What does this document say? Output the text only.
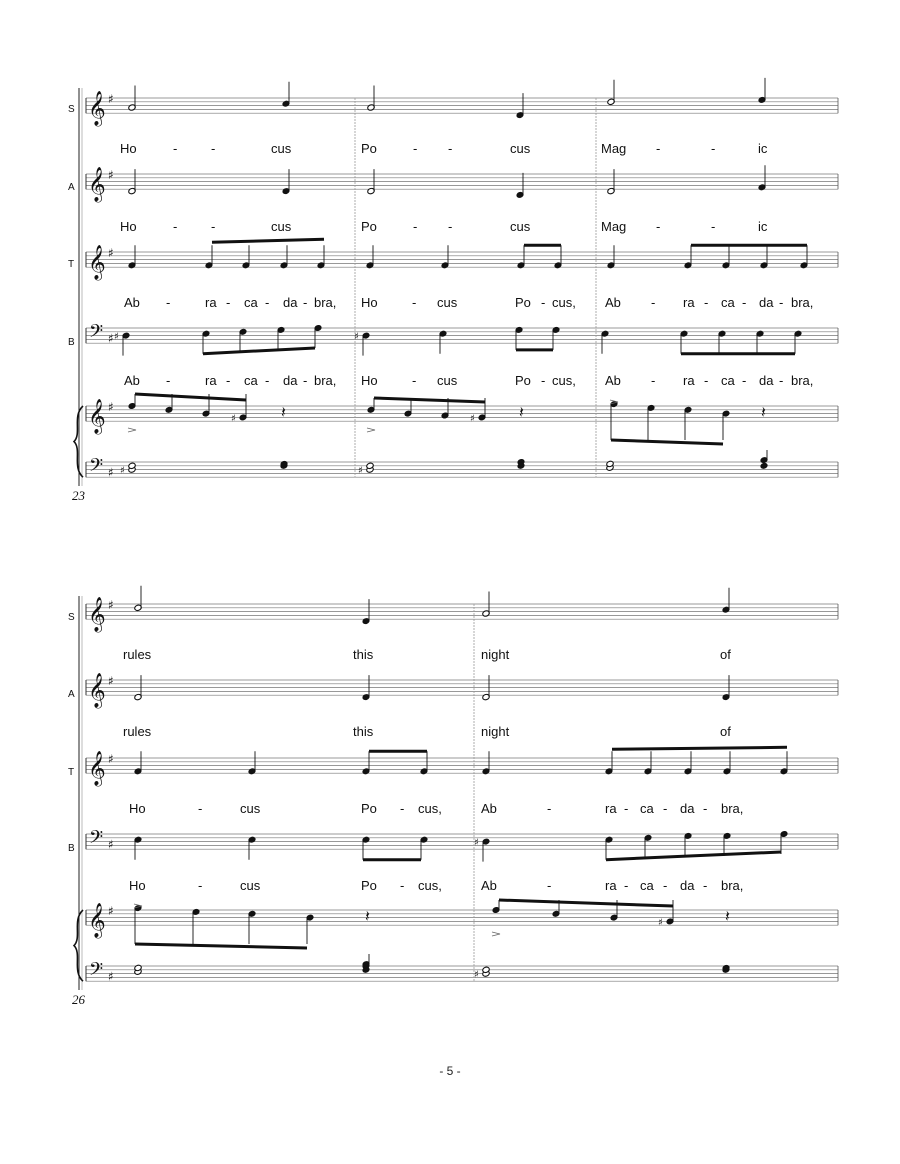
S
A
T
B
23
S
A
T
B
26
𝄞 ♯
𝄞 ♯
𝄞 ♯
𝄢 ♯
𝄞 ♯
𝄢 ♯
𝄞 ♯
𝄞 ♯
𝄞 ♯
𝄢 ♯
𝄞 ♯
𝄢 ♯
♯	♯
♯	♯
𝄽	𝄽	𝄽
♯	♯
♯
♯
𝄽	𝄽
♯
Ho	-	-	cus	Po	- -	cus	Mag -	-	ic
Ho	-	-	cus	Po	- -	cus	Mag -	-	ic
Ab -	ra - ca - da - bra, Ho	- cus	Po - cus, Ab - ra - ca - da - bra,
Ab -	ra - ca - da - bra, Ho	- cus	Po - cus, Ab - ra - ca - da - bra,
rules	this	night	of
rules	this	night	of
Ho	-	cus	Po - cus,	Ab	-	ra - ca - da - bra,
Ho	-	cus	Po - cus,	Ab	-	ra - ca - da - bra,
- 5 -
